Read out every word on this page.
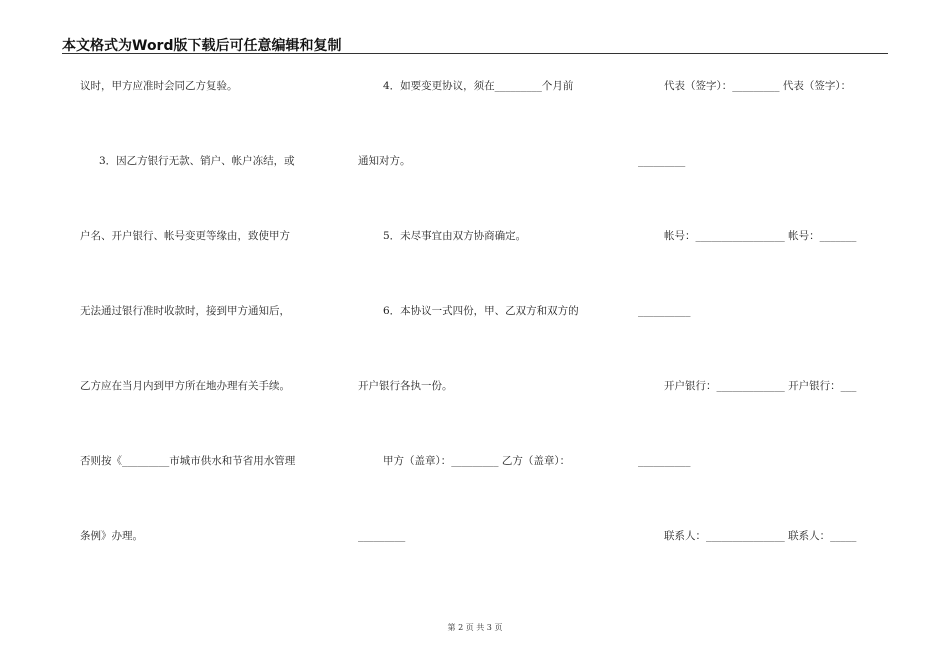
本文格式为Word版下载后可任意编辑和复制
议时，甲方应准时会同乙方复验。
3．因乙方银行无款、销户、帐户冻结，或
户名、开户银行、帐号变更等缘由，致使甲方
无法通过银行准时收款时，接到甲方通知后，
乙方应在当月内到甲方所在地办理有关手续。
否则按《_________市城市供水和节省用水管理
条例》办理。
4．如要变更协议，须在_________个月前
通知对方。
5．未尽事宜由双方协商确定。
6．本协议一式四份，甲、乙双方和双方的
开户银行各执一份。
甲方（盖章）：_________ 乙方（盖章）：
_________
代表（签字）：_________ 代表（签字）：
_________
帐号：_________________ 帐号：_______
__________
开户银行：_____________ 开户银行：___
__________
联系人：_______________ 联系人：_____
第 2 页 共 3 页
